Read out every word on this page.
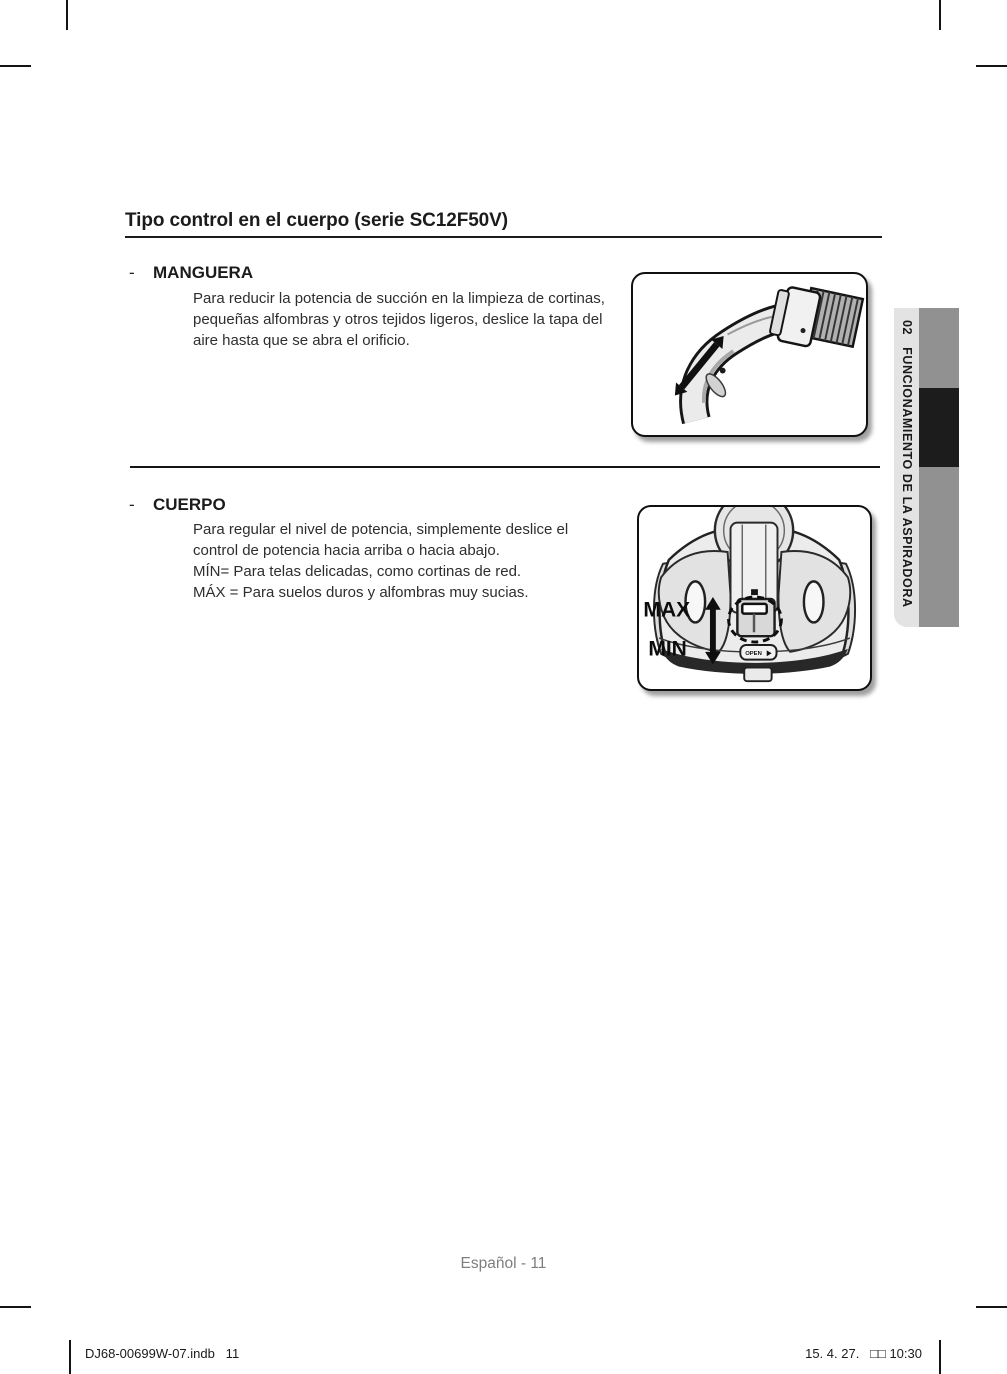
Tipo control en el cuerpo (serie SC12F50V)
-	MANGUERA

Para reducir la potencia de succión en la limpieza de cortinas, pequeñas alfombras y otros tejidos ligeros, deslice la tapa del aire hasta que se abra el orificio.

-	CUERPO

Para regular el nivel de potencia, simplemente deslice el control de potencia hacia arriba o hacia abajo.

MÍN= Para telas delicadas, como cortinas de red.

MÁX = Para suelos duros y alfombras muy sucias.

OPEN
MAX
MIN
02FUNCIONAMIENTO DE LA ASPIRADORA
Español - 11
DJ68-00699W-07.indb   11	15. 4. 27.   □□ 10:30
